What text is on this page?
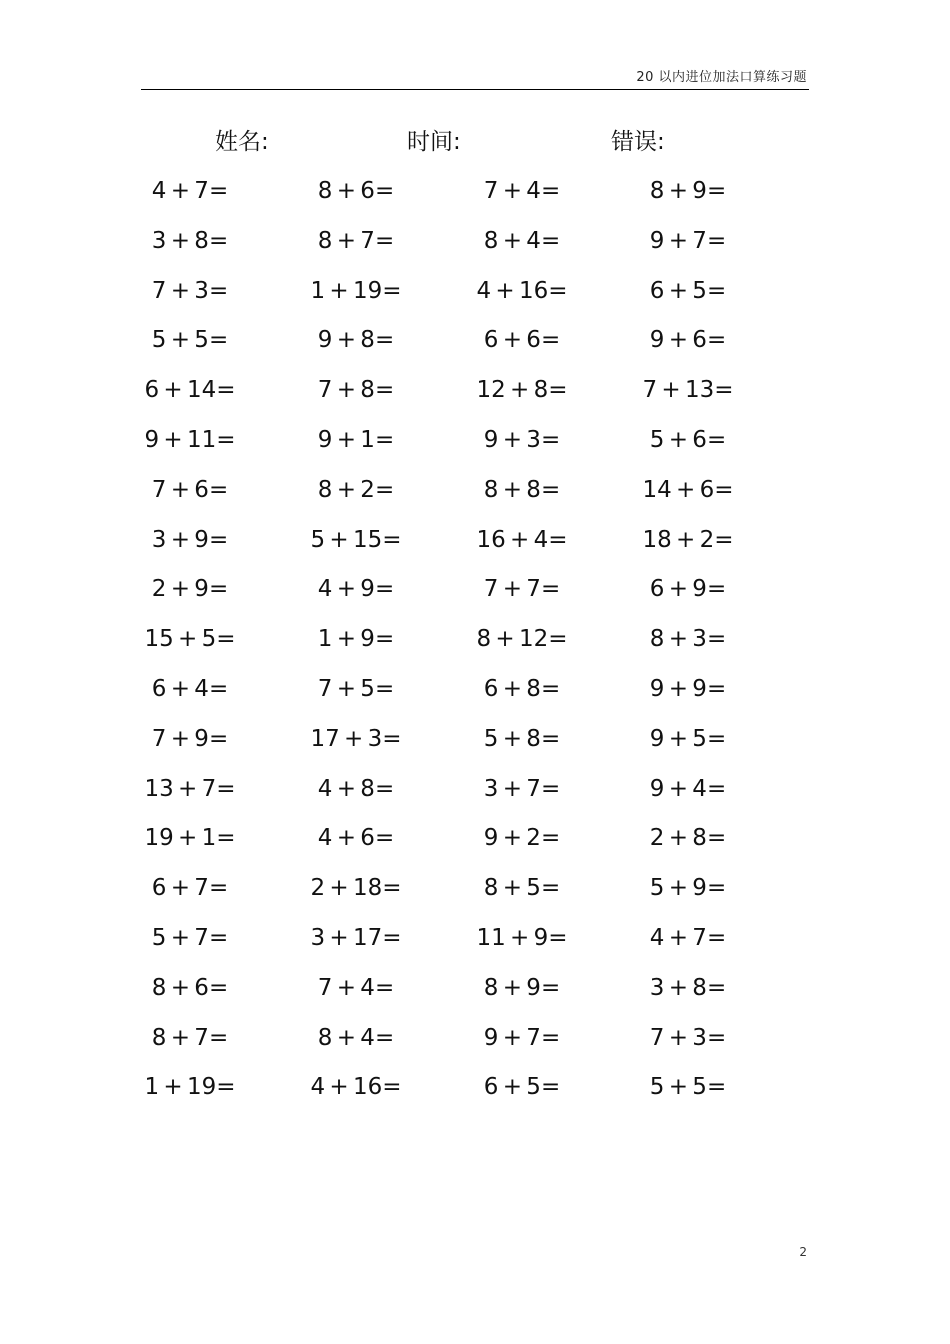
20 以内进位加法口算练习题
姓名:	时间:	错误:
4 + 7=	8 + 6=	7 + 4=	8 + 9=
3 + 8=	8 + 7=	8 + 4=	9 + 7=
7 + 3=	1 + 19=	4 + 16=	6 + 5=
5 + 5=	9 + 8=	6 + 6=	9 + 6=
6 + 14=	7 + 8=	12 + 8=	7 + 13=
9 + 11=	9 + 1=	9 + 3=	5 + 6=
7 + 6=	8 + 2=	8 + 8=	14 + 6=
3 + 9=	5 + 15=	16 + 4=	18 + 2=
2 + 9=	4 + 9=	7 + 7=	6 + 9=
15 + 5=	1 + 9=	8 + 12=	8 + 3=
6 + 4=	7 + 5=	6 + 8=	9 + 9=
7 + 9=	17 + 3=	5 + 8=	9 + 5=
13 + 7=	4 + 8=	3 + 7=	9 + 4=
19 + 1=	4 + 6=	9 + 2=	2 + 8=
6 + 7=	2 + 18=	8 + 5=	5 + 9=
5 + 7=	3 + 17=	11 + 9=	4 + 7=
8 + 6=	7 + 4=	8 + 9=	3 + 8=
8 + 7=	8 + 4=	9 + 7=	7 + 3=
1 + 19=	4 + 16=	6 + 5=	5 + 5=
2
